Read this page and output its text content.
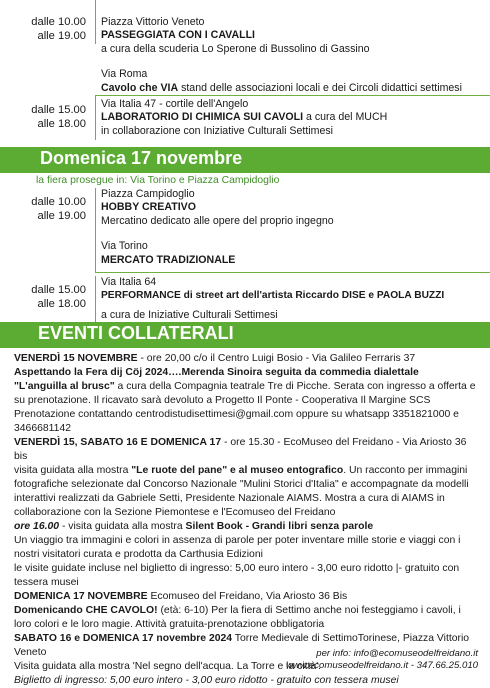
dalle 10.00
alle 19.00
Piazza Vittorio Veneto
PASSEGGIATA CON I CAVALLI
a cura della scuderia Lo Sperone di Bussolino di Gassino
Via Roma
Cavolo che VIA stand delle associazioni locali e dei Circoli didattici settimesi
dalle 15.00
alle 18.00
Via Italia 47 - cortile dell'Angelo
LABORATORIO DI CHIMICA SUI CAVOLI a cura del MUCH
in collaborazione con Iniziative Culturali Settimesi
Domenica 17 novembre
la fiera prosegue in: Via Torino e Piazza Campidoglio
dalle 10.00
alle 19.00
Piazza Campidoglio
HOBBY CREATIVO
Mercatino dedicato alle opere del proprio ingegno
Via Torino
MERCATO TRADIZIONALE
dalle 15.00
alle 18.00
Via Italia 64
PERFORMANCE di street art dell'artista Riccardo DISE e PAOLA BUZZI
a cura de Iniziative Culturali Settimesi
EVENTI COLLATERALI

VENERDÌ 15 NOVEMBRE - ore 20,00 c/o il Centro Luigi Bosio - Via Galileo Ferraris 37

Aspettando la Fera dij Cöj 2024….Merenda Sinoira seguita da commedia dialettale

"L'anguilla al brusc" a cura della Compagnia teatrale Tre di Picche. Serata con ingresso a offerta e su prenotazione. Il ricavato sarà devoluto a Progetto Il Ponte - Cooperativa Il Margine SCS

Prenotazione contattando centrodistudisettimesi@gmail.com oppure su whatsapp 3351821000 e 3466681142

VENERDÌ 15, SABATO 16 E DOMENICA 17 - ore 15.30 - EcoMuseo del Freidano - Via Ariosto 36 bis

visita guidata alla mostra "Le ruote del pane" e al museo entografico. Un racconto per immagini fotografiche selezionate dal Concorso Nazionale "Mulini Storici d'Italia" e accompagnate da modelli interattivi realizzati da Gabriele Setti, Presidente Nazionale AIAMS. Mostra a cura di AIAMS in collaborazione con la Sezione Piemontese e l'Ecomuseo del Freidano

ore 16.00 - visita guidata alla mostra Silent Book - Grandi libri senza parole

Un viaggio tra immagini e colori in assenza di parole per poter inventare mille storie e viaggi con i nostri visitatori curata e prodotta da Carthusia Edizioni

le visite guidate incluse nel biglietto di ingresso: 5,00 euro intero - 3,00 euro ridotto |- gratuito con tessera musei

DOMENICA 17 NOVEMBRE Ecomuseo del Freidano, Via Ariosto 36 Bis

Domenicando CHE CAVOLO! (età: 6-10) Per la fiera di Settimo anche noi festeggiamo i cavoli, i loro colori e le loro magie. Attività gratuita-prenotazione obbligatoria

SABATO 16 e DOMENICA 17 novembre 2024 Torre Medievale di SettimoTorinese, Piazza Vittorio Veneto

Visita guidata alla mostra 'Nel segno dell'acqua. La Torre e la città'.

Biglietto di ingresso: 5,00 euro intero - 3,00 euro ridotto - gratuito con tessera musei

per info: info@ecomuseodelfreidano.it
www.ecomuseodelfreidano.it - 347.66.25.010
